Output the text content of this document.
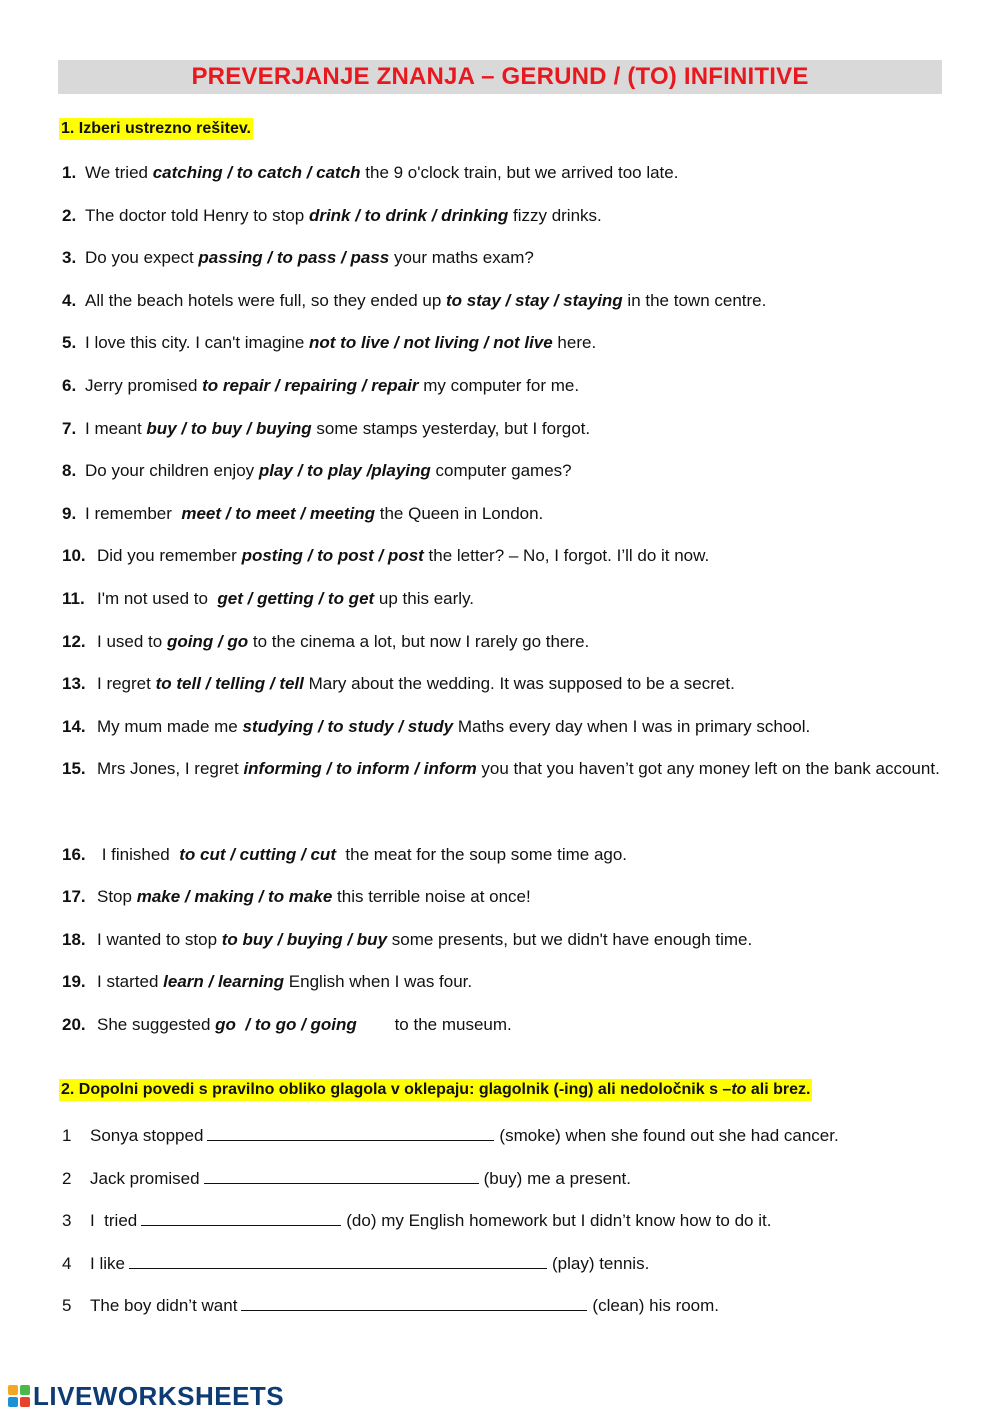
PREVERJANJE ZNANJA – GERUND / (TO) INFINITIVE
1. Izberi ustrezno rešitev.
1. We tried catching / to catch / catch the 9 o'clock train, but we arrived too late.
2. The doctor told Henry to stop drink / to drink / drinking fizzy drinks.
3. Do you expect passing / to pass / pass your maths exam?
4. All the beach hotels were full, so they ended up to stay / stay / staying in the town centre.
5. I love this city. I can't imagine not to live / not living / not live here.
6. Jerry promised to repair / repairing / repair my computer for me.
7. I meant buy / to buy / buying some stamps yesterday, but I forgot.
8. Do your children enjoy play / to play /playing computer games?
9. I remember  meet / to meet / meeting the Queen in London.
10. Did you remember posting / to post / post the letter? – No, I forgot. I’ll do it now.
11. I'm not used to  get / getting / to get up this early.
12. I used to going / go to the cinema a lot, but now I rarely go there.
13. I regret to tell / telling / tell Mary about the wedding. It was supposed to be a secret.
14. My mum made me studying / to study / study Maths every day when I was in primary school.
15. Mrs Jones, I regret informing / to inform / inform you that you haven’t got any money left on the bank account.
16. I finished  to cut / cutting / cut  the meat for the soup some time ago.
17. Stop make / making / to make this terrible noise at once!
18. I wanted to stop to buy / buying / buy some presents, but we didn't have enough time.
19. I started learn / learning English when I was four.
20. She suggested go  / to go / going        to the museum.
2. Dopolni povedi s pravilno obliko glagola v oklepaju: glagolnik (-ing) ali nedoločnik s –to ali brez.
1	Sonya stopped	(smoke) when she found out she had cancer.
2	Jack promised	(buy) me a present.
3	I  tried	(do) my English homework but I didn’t know how to do it.
4	I like	(play) tennis.
5	The boy didn’t want	(clean) his room.
LIVEWORKSHEETS
